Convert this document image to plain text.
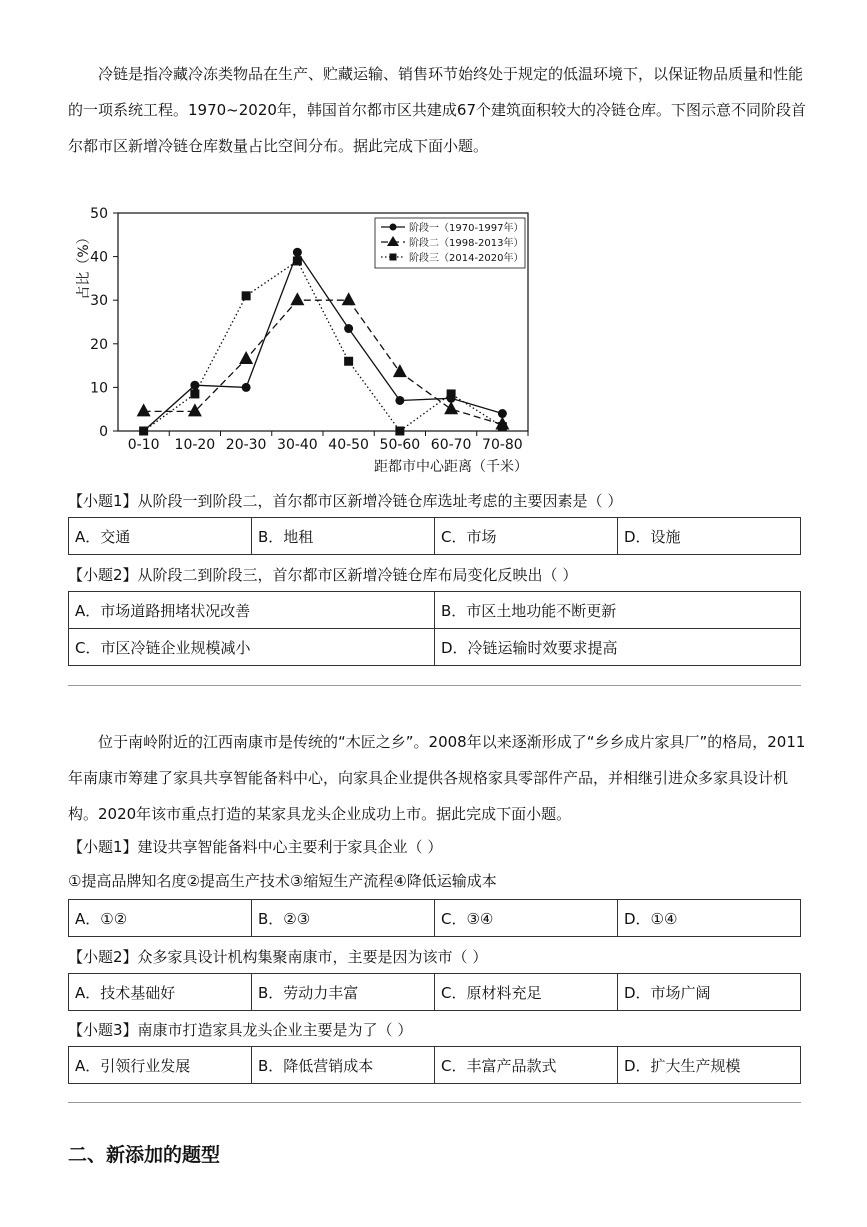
冷链是指冷藏冷冻类物品在生产、贮藏运输、销售环节始终处于规定的低温环境下，以保证物品质量和性能的一项系统工程。1970~2020年，韩国首尔都市区共建成67个建筑面积较大的冷链仓库。下图示意不同阶段首尔都市区新增冷链仓库数量占比空间分布。据此完成下面小题。

0
10
20
30
40
50
0-10 10-20 20-30 30-40 40-50 50-60 60-70 70-80
占比（%）
距都市中心距离（千米）
阶段一（1970-1997年）
阶段二（1998-2013年）
阶段三（2014-2020年）

【小题1】从阶段一到阶段二，首尔都市区新增冷链仓库选址考虑的主要因素是（ ）

A．交通	B．地租	C．市场	D．设施

【小题2】从阶段二到阶段三，首尔都市区新增冷链仓库布局变化反映出（ ）

A．市场道路拥堵状况改善	B．市区土地功能不断更新
C．市区冷链企业规模减小	D．冷链运输时效要求提高

位于南岭附近的江西南康市是传统的“木匠之乡”。2008年以来逐渐形成了“乡乡成片家具厂”的格局，2011年南康市筹建了家具共享智能备料中心，向家具企业提供各规格家具零部件产品，并相继引进众多家具设计机构。2020年该市重点打造的某家具龙头企业成功上市。据此完成下面小题。

【小题1】建设共享智能备料中心主要利于家具企业（ ）

①提高品牌知名度②提高生产技术③缩短生产流程④降低运输成本

A．①②	B．②③	C．③④	D．①④

【小题2】众多家具设计机构集聚南康市，主要是因为该市（ ）

A．技术基础好	B．劳动力丰富	C．原材料充足	D．市场广阔

【小题3】南康市打造家具龙头企业主要是为了（ ）

A．引领行业发展	B．降低营销成本	C．丰富产品款式	D．扩大生产规模

二、新添加的题型
